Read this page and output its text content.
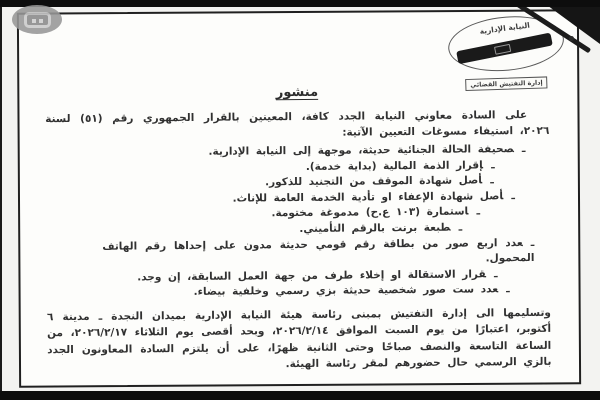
النيابة الإدارية
إدارة التفتيش القضائي
منشور

على السادة معاوني النيابة الجدد كافة، المعينين بالقرار الجمهوري رقم (٥١) لسنة ٢٠٢٦، استيفاء مسوغات التعيين الآتية:

ـصحيفة الحالة الجنائية حديثة، موجهة إلى النيابة الإدارية.
ـإقرار الذمة المالية (بداية خدمة).
ـأصل شهادة الموقف من التجنيد للذكور.
ـأصل شهادة الإعفاء او تأدية الخدمة العامة للإناث.
ـاستمارة (١٠٣ ع.ح) مدموغة مختومة.
ـطبعة برنت بالرقم التأميني.
ـعدد اربع صور من بطاقة رقم قومي حديثة مدون على إحداها رقم الهاتف المحمول.
ـقرار الاستقالة او إخلاء طرف من جهة العمل السابقة، إن وجد.
ـعدد ست صور شخصية حديثة بزي رسمي وخلفية بيضاء.

وتسليمها الى إدارة التفتيش بمبنى رئاسة هيئة النيابة الإدارية بميدان النجدة ـ مدينة ٦ أكتوبر، اعتبارًا من يوم السبت الموافق ٢٠٢٦/٢/١٤، وبحد أقصى يوم الثلاثاء ٢٠٢٦/٢/١٧، من الساعة التاسعة والنصف صباحًا وحتى الثانية ظهرًا، على أن يلتزم السادة المعاونون الجدد بالزي الرسمي حال حضورهم لمقر رئاسة الهيئة.
